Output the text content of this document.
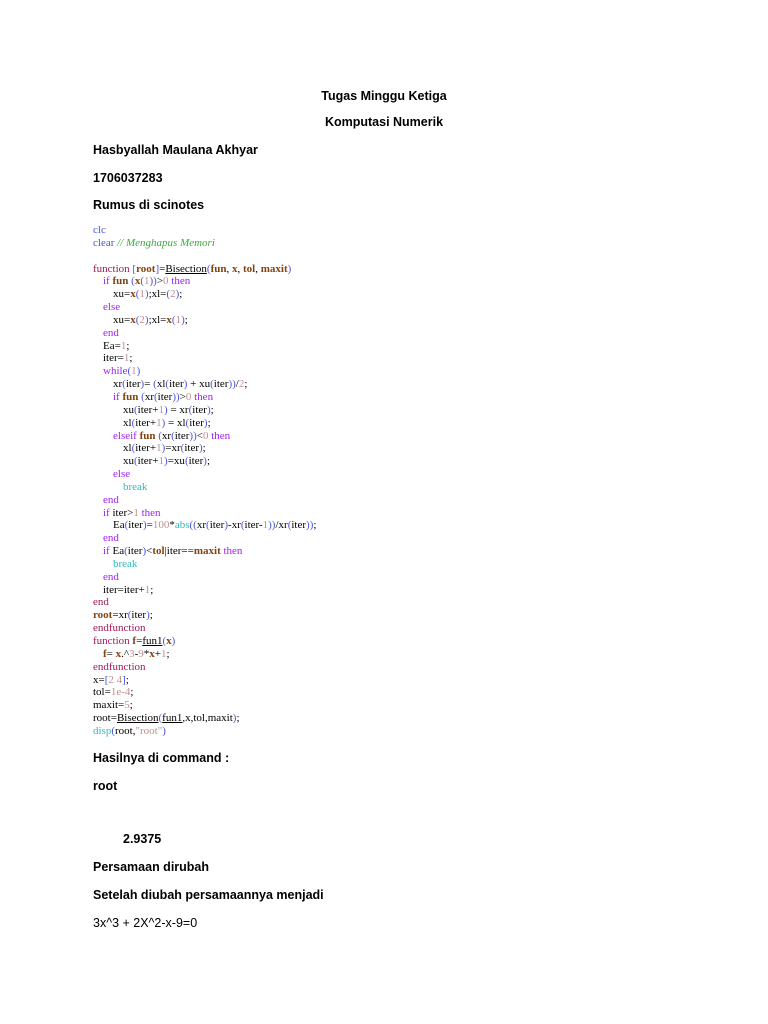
Tugas Minggu Ketiga
Komputasi Numerik
Hasbyallah Maulana Akhyar
1706037283
Rumus di scinotes
clc
clear // Menghapus Memori
function [root]=Bisection(fun, x, tol, maxit)
	if fun (x(1))>0 then
		xu=x(1);xl=(2);
	else
		xu=x(2);xl=x(1);
	end
	Ea=1;
	iter=1;
	while(1)
		xr(iter)= (xl(iter) + xu(iter))/2;
		if fun (xr(iter))>0 then
			xu(iter+1) = xr(iter);
			xl(iter+1) = xl(iter);
		elseif fun (xr(iter))<0 then
			xl(iter+1)=xr(iter);
			xu(iter+1)=xu(iter);
		else
			break
	end
	if iter>1 then
		Ea(iter)=100*abs((xr(iter)-xr(iter-1))/xr(iter));
	end
	if Ea(iter)<tol|iter==maxit then
		break
	end
	iter=iter+1;
end
root=xr(iter);
endfunction
function f=fun1(x)
	f= x.^3-9*x+1;
endfunction
x=[2 4];
tol=1e-4;
maxit=5;
root=Bisection(fun1,x,tol,maxit);
disp(root,"root")
Hasilnya di command :
root
2.9375
Persamaan dirubah
Setelah diubah persamaannya menjadi
3x^3 + 2X^2-x-9=0
